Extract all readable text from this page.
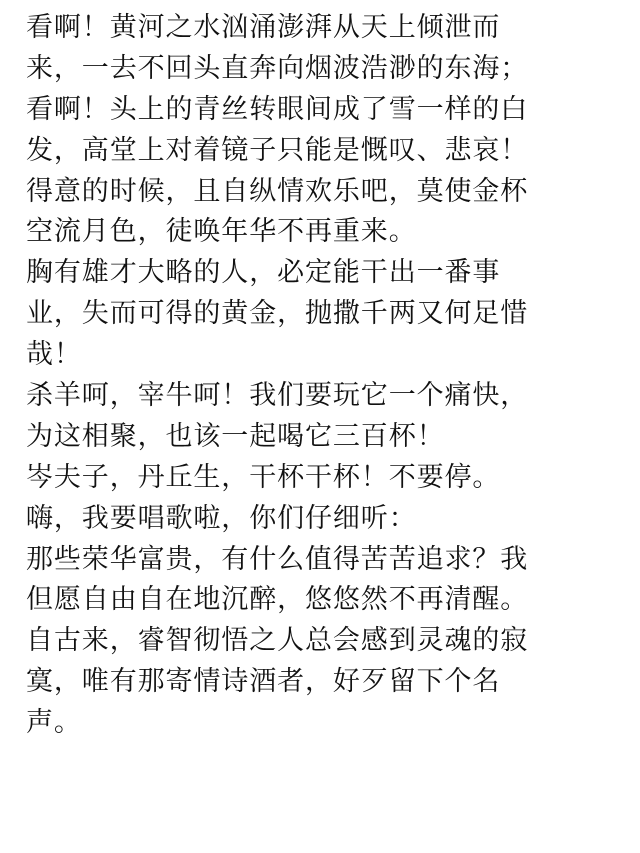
看啊！黄河之水汹涌澎湃从天上倾泄而
来，一去不回头直奔向烟波浩渺的东海；
看啊！头上的青丝转眼间成了雪一样的白
发，高堂上对着镜子只能是慨叹、悲哀！
得意的时候，且自纵情欢乐吧，莫使金杯
空流月色，徒唤年华不再重来。
胸有雄才大略的人，必定能干出一番事
业，失而可得的黄金，抛撒千两又何足惜
哉！
杀羊呵，宰牛呵！我们要玩它一个痛快，
为这相聚，也该一起喝它三百杯！
岑夫子，丹丘生，干杯干杯！不要停。
嗨，我要唱歌啦，你们仔细听：
那些荣华富贵，有什么值得苦苦追求？我
但愿自由自在地沉醉，悠悠然不再清醒。
自古来，睿智彻悟之人总会感到灵魂的寂
寞，唯有那寄情诗酒者，好歹留下个名
声。
